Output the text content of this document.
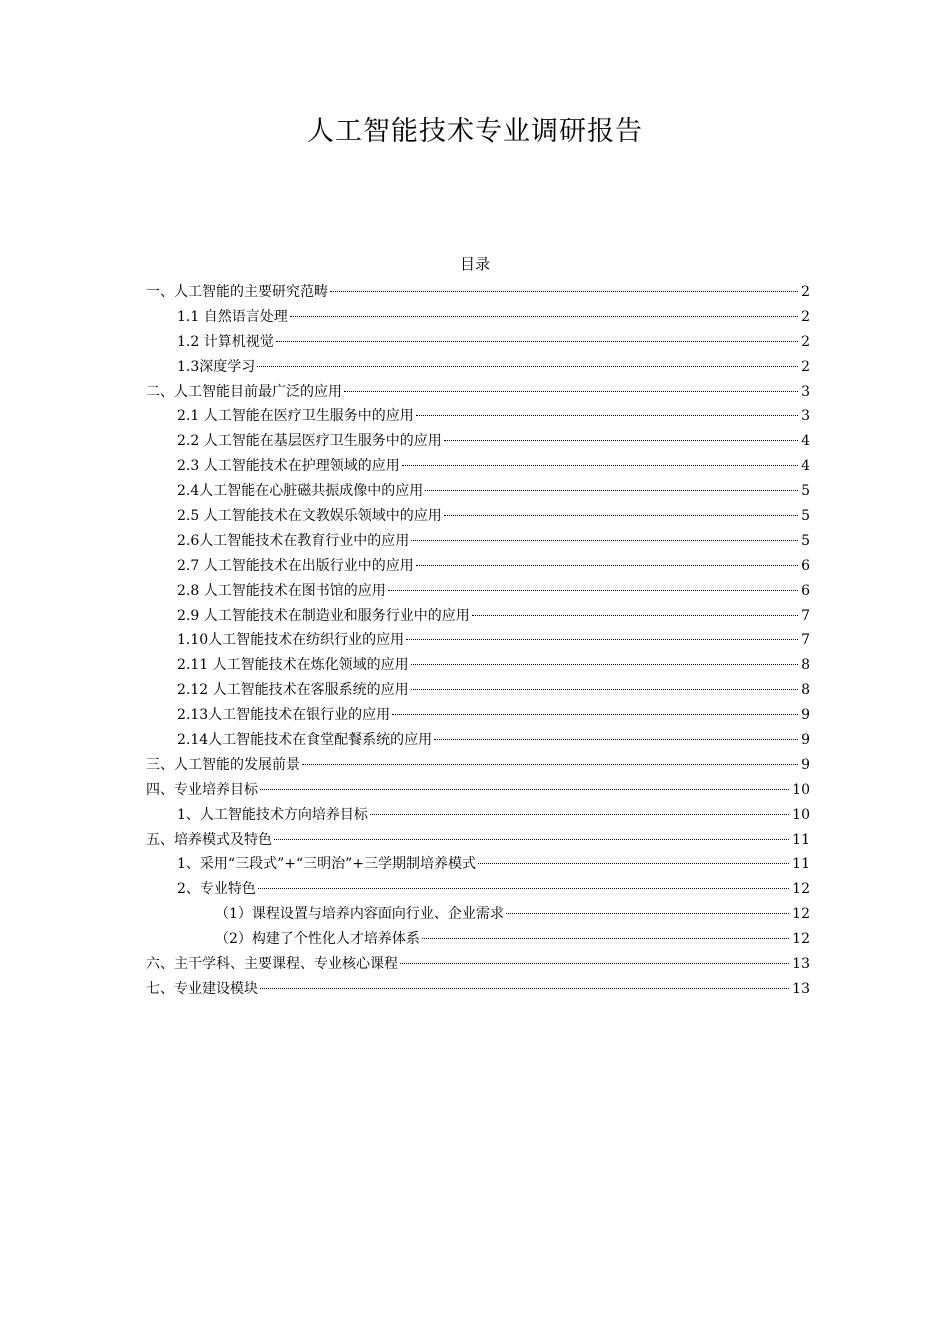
人工智能技术专业调研报告
目录
一、人工智能的主要研究范畴	2
1.1 自然语言处理	2
1.2 计算机视觉	2
1.3深度学习	2
二、人工智能目前最广泛的应用	3
2.1 人工智能在医疗卫生服务中的应用	3
2.2 人工智能在基层医疗卫生服务中的应用	4
2.3 人工智能技术在护理领域的应用	4
2.4人工智能在心脏磁共振成像中的应用	5
2.5 人工智能技术在文教娱乐领域中的应用	5
2.6人工智能技术在教育行业中的应用	5
2.7 人工智能技术在出版行业中的应用	6
2.8 人工智能技术在图书馆的应用	6
2.9 人工智能技术在制造业和服务行业中的应用	7
1.10人工智能技术在纺织行业的应用	7
2.11 人工智能技术在炼化领域的应用	8
2.12 人工智能技术在客服系统的应用	8
2.13人工智能技术在银行业的应用	9
2.14人工智能技术在食堂配餐系统的应用	9
三、人工智能的发展前景	9
四、专业培养目标	10
1、人工智能技术方向培养目标	10
五、培养模式及特色	11
1、采用“三段式”+“三明治”+三学期制培养模式	11
2、专业特色	12
（1）课程设置与培养内容面向行业、企业需求	12
（2）构建了个性化人才培养体系	12
六、主干学科、主要课程、专业核心课程	13
七、专业建设模块	13
